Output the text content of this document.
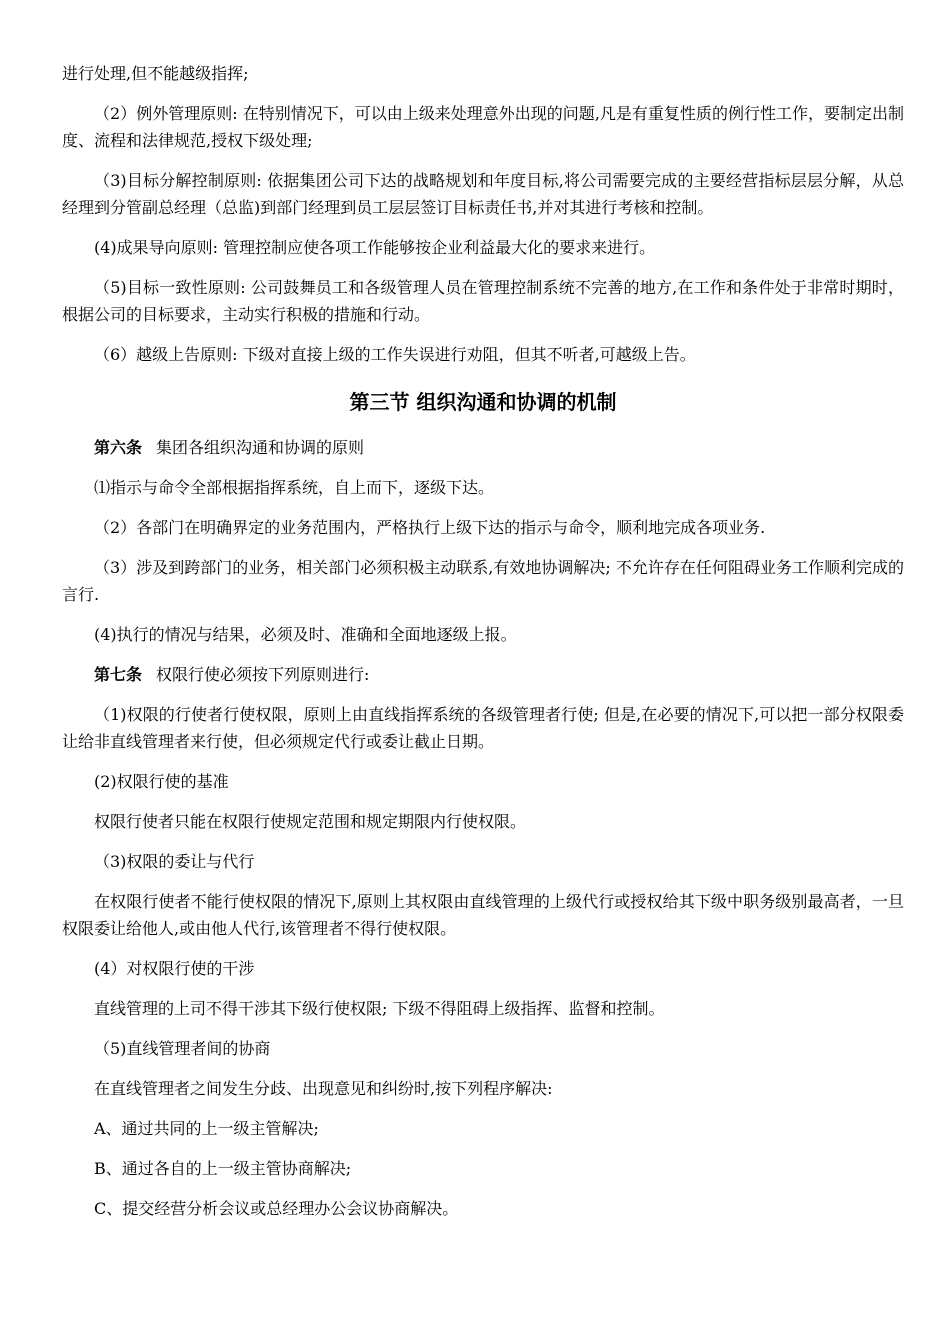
进行处理,但不能越级指挥;

（2）例外管理原则: 在特别情况下，可以由上级来处理意外出现的问题,凡是有重复性质的例行性工作，要制定出制度、流程和法律规范,授权下级处理;

（3)目标分解控制原则: 依据集团公司下达的战略规划和年度目标,将公司需要完成的主要经营指标层层分解，从总经理到分管副总经理（总监)到部门经理到员工层层签订目标责任书,并对其进行考核和控制。

(4)成果导向原则: 管理控制应使各项工作能够按企业利益最大化的要求来进行。

（5)目标一致性原则: 公司鼓舞员工和各级管理人员在管理控制系统不完善的地方,在工作和条件处于非常时期时，根据公司的目标要求，主动实行积极的措施和行动。

（6）越级上告原则: 下级对直接上级的工作失误进行劝阻，但其不听者,可越级上告。

第三节 组织沟通和协调的机制

第六条 集团各组织沟通和协调的原则

⑴指示与命令全部根据指挥系统，自上而下，逐级下达。

（2）各部门在明确界定的业务范围内，严格执行上级下达的指示与命令，顺利地完成各项业务.

（3）涉及到跨部门的业务，相关部门必须积极主动联系,有效地协调解决; 不允许存在任何阻碍业务工作顺利完成的言行.

(4)执行的情况与结果，必须及时、准确和全面地逐级上报。

第七条 权限行使必须按下列原则进行:

（1)权限的行使者行使权限，原则上由直线指挥系统的各级管理者行使; 但是,在必要的情况下,可以把一部分权限委让给非直线管理者来行使，但必须规定代行或委让截止日期。

(2)权限行使的基准

权限行使者只能在权限行使规定范围和规定期限内行使权限。

（3)权限的委让与代行

在权限行使者不能行使权限的情况下,原则上其权限由直线管理的上级代行或授权给其下级中职务级别最高者，一旦权限委让给他人,或由他人代行,该管理者不得行使权限。

(4）对权限行使的干涉

直线管理的上司不得干涉其下级行使权限; 下级不得阻碍上级指挥、监督和控制。

（5)直线管理者间的协商

在直线管理者之间发生分歧、出现意见和纠纷时,按下列程序解决:

A、通过共同的上一级主管解决;

B、通过各自的上一级主管协商解决;

C、提交经营分析会议或总经理办公会议协商解决。
